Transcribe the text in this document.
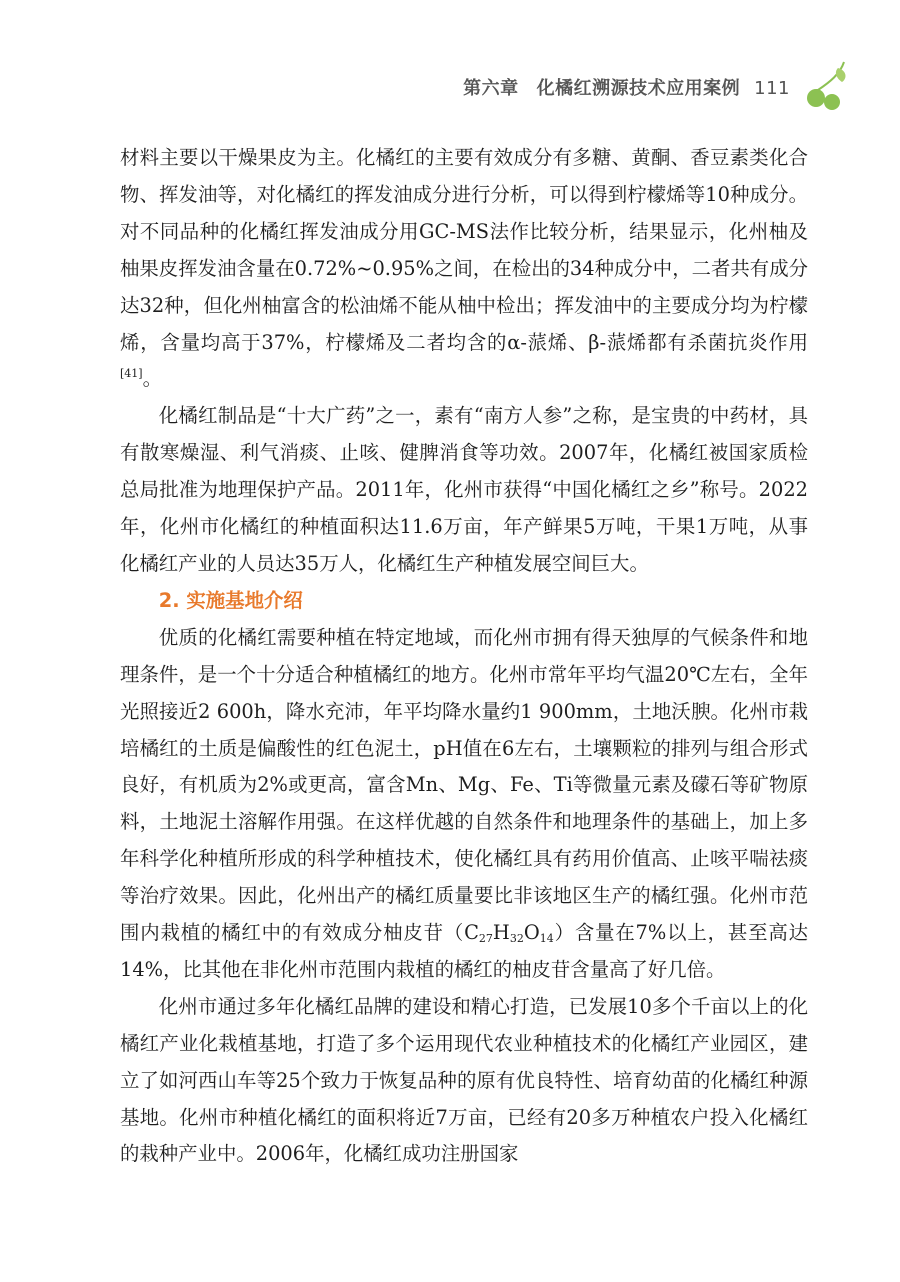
第六章 化橘红溯源技术应用案例 111

材料主要以干燥果皮为主。化橘红的主要有效成分有多糖、黄酮、香豆素类化合物、挥发油等，对化橘红的挥发油成分进行分析，可以得到柠檬烯等10种成分。对不同品种的化橘红挥发油成分用GC-MS法作比较分析，结果显示，化州柚及柚果皮挥发油含量在0.72%~0.95%之间，在检出的34种成分中，二者共有成分达32种，但化州柚富含的松油烯不能从柚中检出；挥发油中的主要成分均为柠檬烯，含量均高于37%，柠檬烯及二者均含的α-蒎烯、β-蒎烯都有杀菌抗炎作用[41]。

化橘红制品是“十大广药”之一，素有“南方人参”之称，是宝贵的中药材，具有散寒燥湿、利气消痰、止咳、健脾消食等功效。2007年，化橘红被国家质检总局批准为地理保护产品。2011年，化州市获得“中国化橘红之乡”称号。2022年，化州市化橘红的种植面积达11.6万亩，年产鲜果5万吨，干果1万吨，从事化橘红产业的人员达35万人，化橘红生产种植发展空间巨大。

2. 实施基地介绍

优质的化橘红需要种植在特定地域，而化州市拥有得天独厚的气候条件和地理条件，是一个十分适合种植橘红的地方。化州市常年平均气温20℃左右，全年光照接近2 600h，降水充沛，年平均降水量约1 900mm，土地沃腴。化州市栽培橘红的土质是偏酸性的红色泥土，pH值在6左右，土壤颗粒的排列与组合形式良好，有机质为2%或更高，富含Mn、Mg、Fe、Ti等微量元素及礞石等矿物原料，土地泥土溶解作用强。在这样优越的自然条件和地理条件的基础上，加上多年科学化种植所形成的科学种植技术，使化橘红具有药用价值高、止咳平喘祛痰等治疗效果。因此，化州出产的橘红质量要比非该地区生产的橘红强。化州市范围内栽植的橘红中的有效成分柚皮苷$(C_{27}H_{32}O_{14})$含量在7%以上，甚至高达14%，比其他在非化州市范围内栽植的橘红的柚皮苷含量高了好几倍。

化州市通过多年化橘红品牌的建设和精心打造，已发展10多个千亩以上的化橘红产业化栽植基地，打造了多个运用现代农业种植技术的化橘红产业园区，建立了如河西山车等25个致力于恢复品种的原有优良特性、培育幼苗的化橘红种源基地。化州市种植化橘红的面积将近7万亩，已经有20多万种植农户投入化橘红的栽种产业中。2006年，化橘红成功注册国家
